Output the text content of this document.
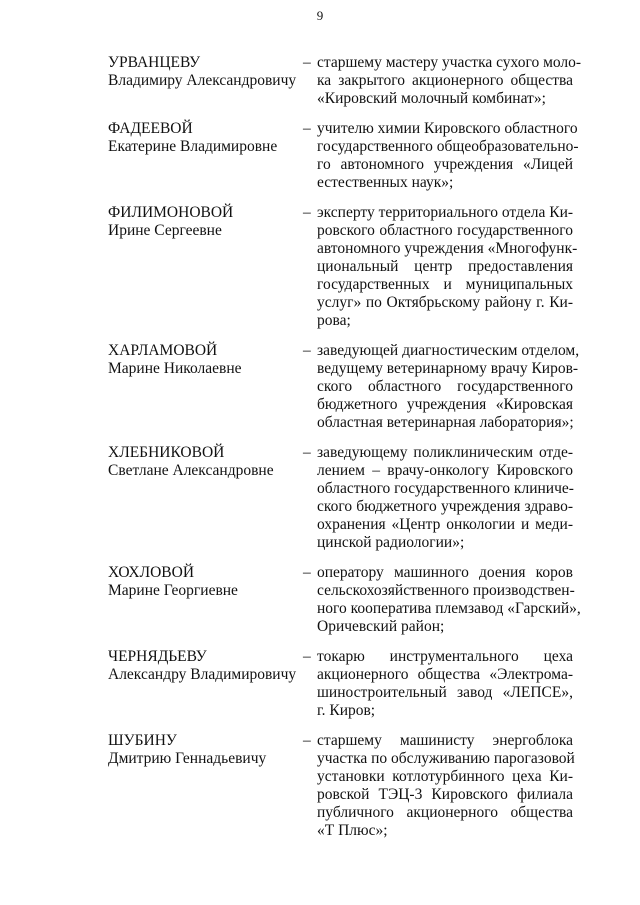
9
УРВАНЦЕВУ
Владимиру Александровичу
– старшему мастеру участка сухого моло-
ка закрытого акционерного общества
«Кировский молочный комбинат»;
ФАДЕЕВОЙ
Екатерине Владимировне
– учителю химии Кировского областного
государственного общеобразовательно-
го автономного учреждения «Лицей
естественных наук»;
ФИЛИМОНОВОЙ
Ирине Сергеевне
– эксперту территориального отдела Ки-
ровского областного государственного
автономного учреждения «Многофунк-
циональный центр предоставления
государственных и муниципальных
услуг» по Октябрьскому району г. Ки-
рова;
ХАРЛАМОВОЙ
Марине Николаевне
– заведующей диагностическим отделом,
ведущему ветеринарному врачу Киров-
ского областного государственного
бюджетного учреждения «Кировская
областная ветеринарная лаборатория»;
ХЛЕБНИКОВОЙ
Светлане Александровне
– заведующему поликлиническим отде-
лением – врачу-онкологу Кировского
областного государственного клиниче-
ского бюджетного учреждения здраво-
охранения «Центр онкологии и меди-
цинской радиологии»;
ХОХЛОВОЙ
Марине Георгиевне
– оператору машинного доения коров
сельскохозяйственного производствен-
ного кооператива племзавод «Гарский»,
Оричевский район;
ЧЕРНЯДЬЕВУ
Александру Владимировичу
– токарю инструментального цеха
акционерного общества «Электрома-
шиностроительный завод «ЛЕПСЕ»,
г. Киров;
ШУБИНУ
Дмитрию Геннадьевичу
– старшему машинисту энергоблока
участка по обслуживанию парогазовой
установки котлотурбинного цеха Ки-
ровской ТЭЦ-3 Кировского филиала
публичного акционерного общества
«Т Плюс»;
